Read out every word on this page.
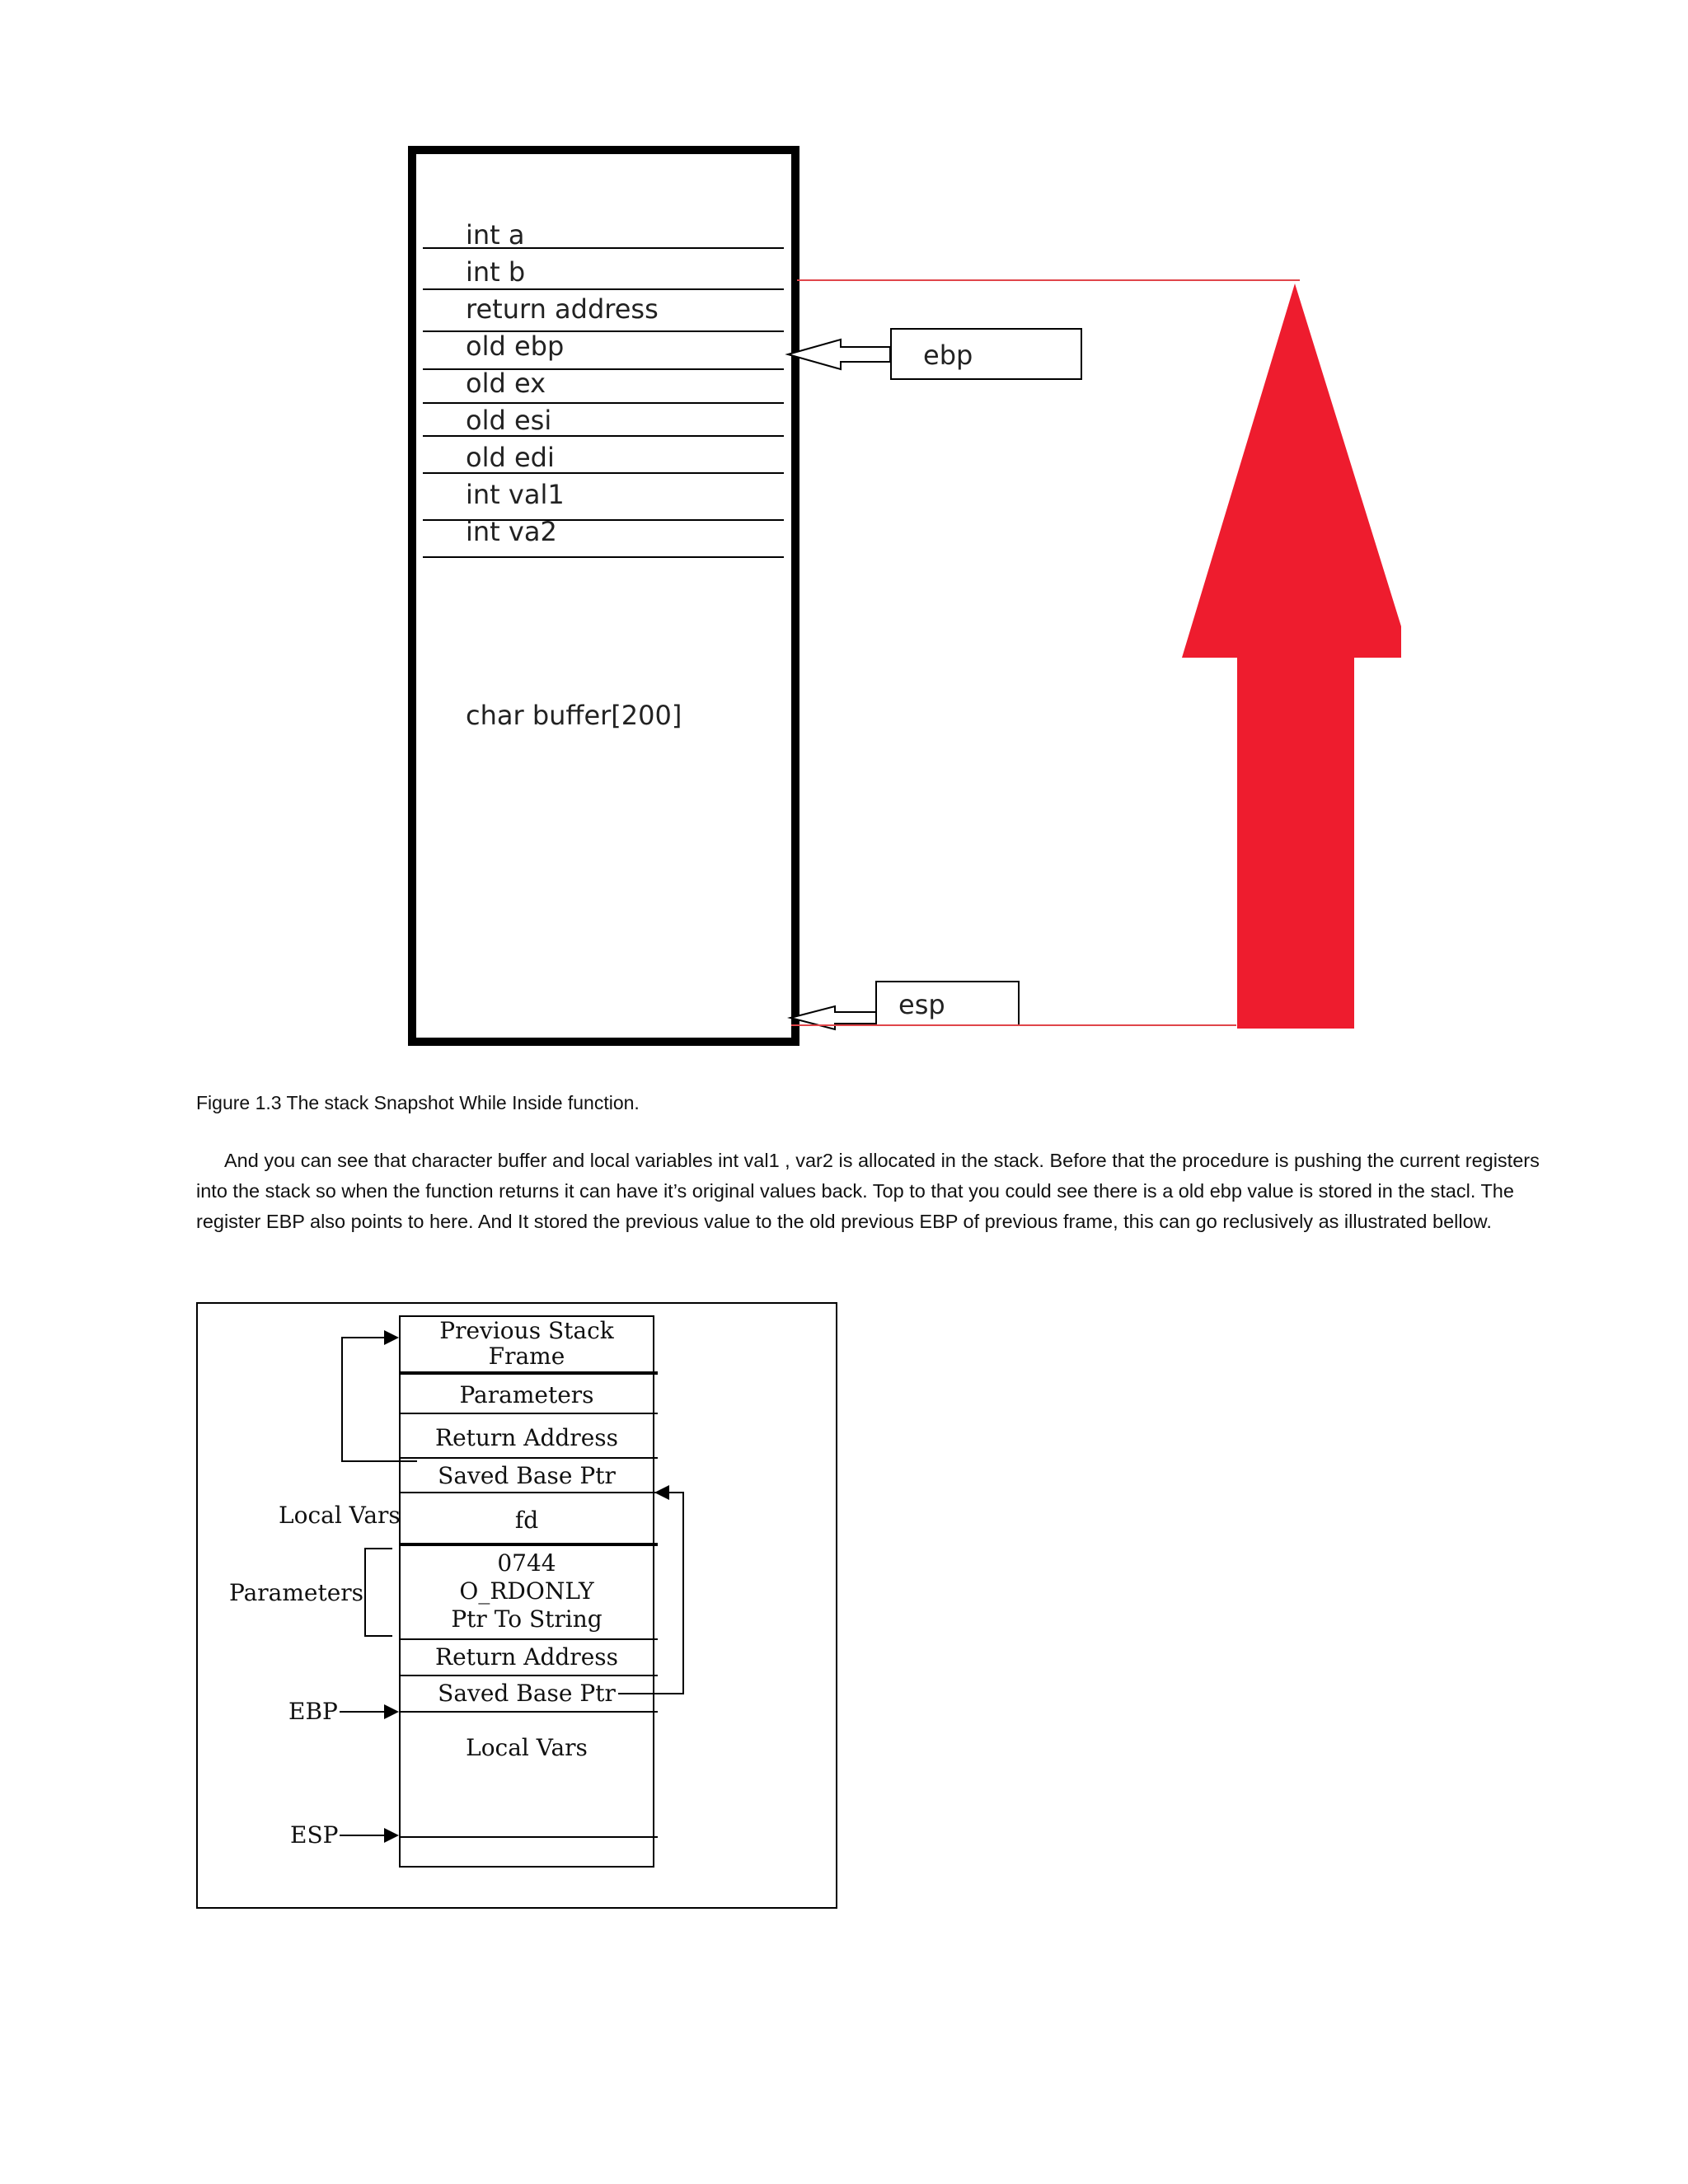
int a
int b
return address
old ebp
old ex
old esi
old edi
int val1
int va2
char buffer[200]
ebp
esp
Figure 1.3 The stack Snapshot While Inside function.

And you can see that character buffer and local variables int val1 , var2 is allocated in the stack. Before that the procedure is pushing the current registers into the stack so when the function returns it can have it’s original values back. Top to that you could see there is a old ebp value is stored in the stacl. The register EBP also points to here. And It stored the previous value to the old previous EBP of previous frame, this can go reclusively as illustrated bellow.

Previous Stack
Frame
Parameters
Return Address
Saved Base Ptr
fd
0744
O_RDONLY
Ptr To String
Return Address
Saved Base Ptr
Local Vars
Local Vars
Parameters
EBP
ESP
